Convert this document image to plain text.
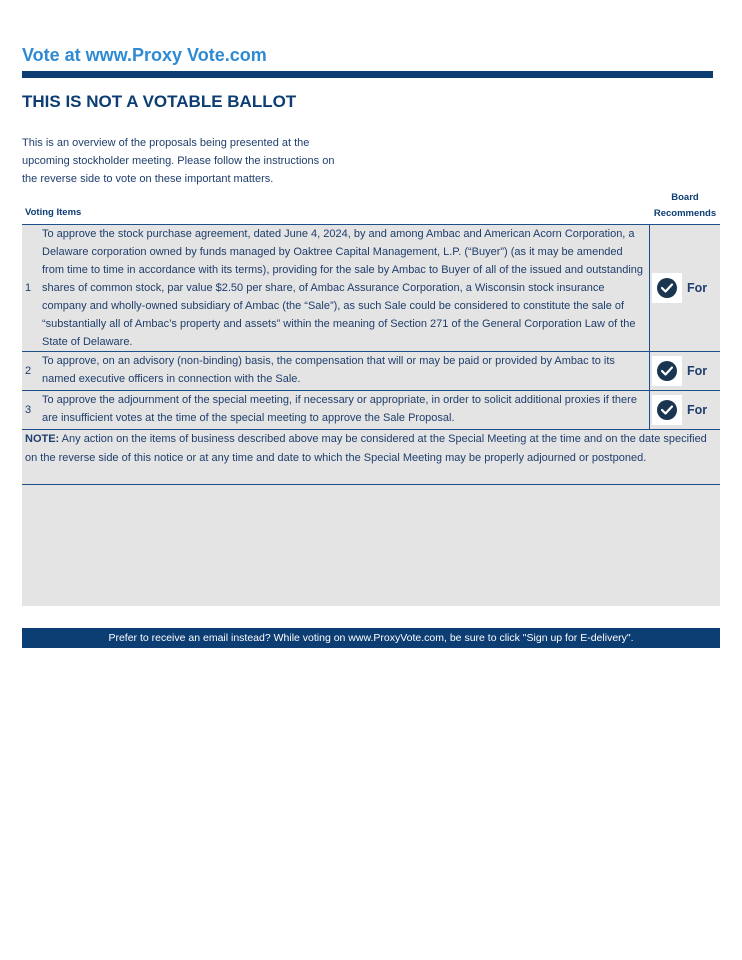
Vote at www.Proxy Vote.com
THIS IS NOT A VOTABLE BALLOT
This is an overview of the proposals being presented at the upcoming stockholder meeting. Please follow the instructions on the reverse side to vote on these important matters.
Voting Items
Board
Recommends
1
To approve the stock purchase agreement, dated June 4, 2024, by and among Ambac and American Acorn Corporation, a Delaware corporation owned by funds managed by Oaktree Capital Management, L.P. (“Buyer”) (as it may be amended from time to time in accordance with its terms), providing for the sale by Ambac to Buyer of all of the issued and outstanding shares of common stock, par value $2.50 per share, of Ambac Assurance Corporation, a Wisconsin stock insurance company and wholly-owned subsidiary of Ambac (the “Sale”), as such Sale could be considered to constitute the sale of “substantially all of Ambac’s property and assets” within the meaning of Section 271 of the General Corporation Law of the State of Delaware.
For
2
To approve, on an advisory (non-binding) basis, the compensation that will or may be paid or provided by Ambac to its named executive officers in connection with the Sale.
For
3
To approve the adjournment of the special meeting, if necessary or appropriate, in order to solicit additional proxies if there are insufficient votes at the time of the special meeting to approve the Sale Proposal.
For
NOTE: Any action on the items of business described above may be considered at the Special Meeting at the time and on the date specified on the reverse side of this notice or at any time and date to which the Special Meeting may be properly adjourned or postponed.
Prefer to receive an email instead? While voting on www.ProxyVote.com, be sure to click "Sign up for E-delivery".
